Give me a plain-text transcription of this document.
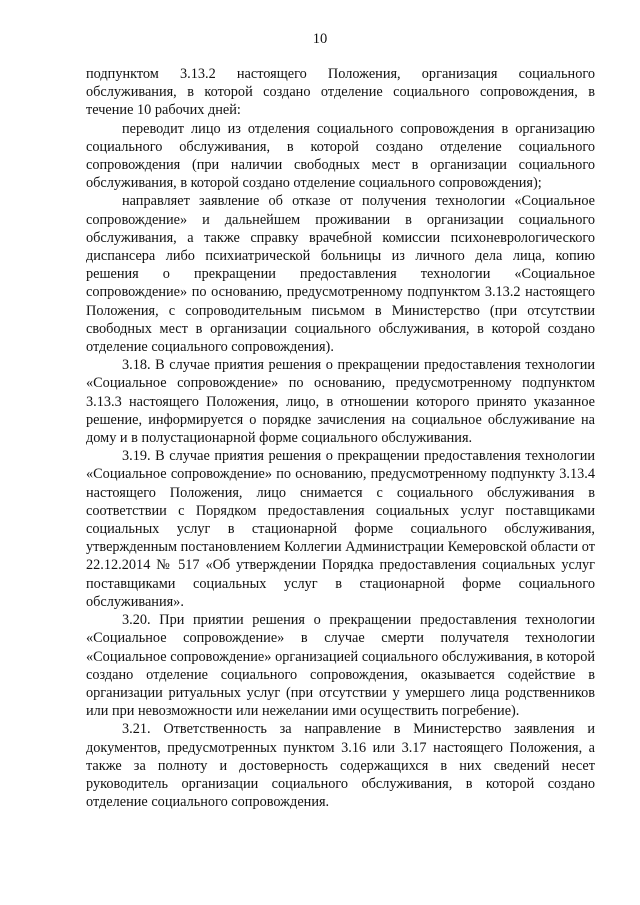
10

подпунктом 3.13.2 настоящего Положения, организация социального обслуживания, в которой создано отделение социального сопровождения, в течение 10 рабочих дней:

переводит лицо из отделения социального сопровождения в организацию социального обслуживания, в которой создано отделение социального сопровождения (при наличии свободных мест в организации социального обслуживания, в которой создано отделение социального сопровождения);

направляет заявление об отказе от получения технологии «Социальное сопровождение» и дальнейшем проживании в организации социального обслуживания, а также справку врачебной комиссии психоневрологического диспансера либо психиатрической больницы из личного дела лица, копию решения о прекращении предоставления технологии «Социальное сопровождение» по основанию, предусмотренному подпунктом 3.13.2 настоящего Положения, с сопроводительным письмом в Министерство (при отсутствии свободных мест в организации социального обслуживания, в которой создано отделение социального сопровождения).

3.18. В случае приятия решения о прекращении предоставления технологии «Социальное сопровождение» по основанию, предусмотренному подпунктом 3.13.3 настоящего Положения, лицо, в отношении которого принято указанное решение, информируется о порядке зачисления на социальное обслуживание на дому и в полустационарной форме социального обслуживания.

3.19. В случае приятия решения о прекращении предоставления технологии «Социальное сопровождение» по основанию, предусмотренному подпункту 3.13.4 настоящего Положения, лицо снимается с социального обслуживания в соответствии с Порядком предоставления социальных услуг поставщиками социальных услуг в стационарной форме социального обслуживания, утвержденным постановлением Коллегии Администрации Кемеровской области от 22.12.2014 № 517 «Об утверждении Порядка предоставления социальных услуг поставщиками социальных услуг в стационарной форме социального обслуживания».

3.20. При приятии решения о прекращении предоставления технологии «Социальное сопровождение» в случае смерти получателя технологии «Социальное сопровождение» организацией социального обслуживания, в которой создано отделение социального сопровождения, оказывается содействие в организации ритуальных услуг (при отсутствии у умершего лица родственников или при невозможности или нежелании ими осуществить погребение).

3.21. Ответственность за направление в Министерство заявления и документов, предусмотренных пунктом 3.16 или 3.17 настоящего Положения, а также за полноту и достоверность содержащихся в них сведений несет руководитель организации социального обслуживания, в которой создано отделение социального сопровождения.
